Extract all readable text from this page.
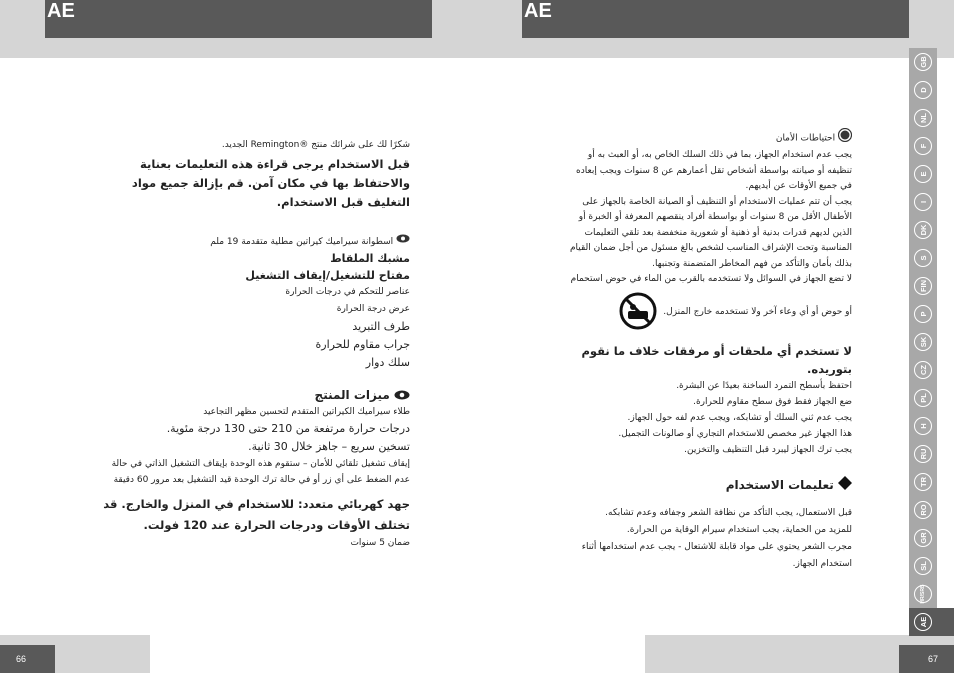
AE

شكرًا لك على شرائك منتج ®Remington الجديد.

قبل الاستخدام يرجى قراءة هذه التعليمات بعناية والاحتفاظ بها في مكان آمن. قم بإزالة جميع مواد التغليف قبل الاستخدام.

اسطوانة سيراميك كيراتين مطلية متقدمة 19 ملم

مشبك الملقاط

مفتاح للتشغيل/إيقاف التشغيل

عناصر للتحكم في درجات الحرارة

عرض درجة الحرارة

طرف التبريد

جراب مقاوم للحرارة

سلك دوار

ميزات المنتج

طلاء سيراميك الكيراتين المتقدم لتحسين مظهر التجاعيد

درجات حرارة مرتفعة من 210 حتى 130 درجة مئوية.

تسخين سريع – جاهز خلال 30 ثانية.

إيقاف تشغيل تلقائي للأمان – ستقوم هذه الوحدة بإيقاف التشغيل الذاتي في حالة عدم الضغط على أي زر أو في حالة ترك الوحدة قيد التشغيل بعد مرور 60 دقيقة

جهد كهربائي متعدد: للاستخدام في المنزل والخارج. قد تختلف الأوقات ودرجات الحرارة عند 120 فولت.

ضمان 5 سنوات

66
AE

احتياطات الأمان

يجب عدم استخدام الجهاز، بما في ذلك السلك الخاص به، أو العبث به أو تنظيفه أو صيانته بواسطة أشخاص تقل أعمارهم عن 8 سنوات ويجب إبعاده في جميع الأوقات عن أيديهم.

يجب أن تتم عمليات الاستخدام أو التنظيف أو الصيانة الخاصة بالجهاز على الأطفال الأقل من 8 سنوات أو بواسطة أفراد ينقصهم المعرفة أو الخبرة أو الذين لديهم قدرات بدنية أو ذهنية أو شعورية منخفضة بعد تلقي التعليمات المناسبة وتحت الإشراف المناسب لشخص بالغ مسئول من أجل ضمان القيام بذلك بأمان والتأكد من فهم المخاطر المتضمنة وتجنبها.

لا تضع الجهاز في السوائل ولا تستخدمه بالقرب من الماء في حوض استحمام

أو حوض أو أي وعاء آخر ولا تستخدمه خارج المنزل.

لا تستخدم أي ملحقات أو مرفقات خلاف ما نقوم بتوريده.

احتفظ بأسطح التمرد الساخنة بعيدًا عن البشرة.

ضع الجهاز فقط فوق سطح مقاوم للحرارة.

يجب عدم ثني السلك أو تشابكه، ويجب عدم لفه حول الجهاز.

هذا الجهاز غير مخصص للاستخدام التجاري أو صالونات التجميل.

يجب ترك الجهاز ليبرد قبل التنظيف والتخزين.

تعليمات الاستخدام

قبل الاستعمال، يجب التأكد من نظافة الشعر وجفافه وعدم تشابكه.

للمزيد من الحماية، يجب استخدام سيرام الوقاية من الحرارة.

مجرب الشعر يحتوي على مواد قابلة للاشتعال - يجب عدم استخدامها أثناء استخدام الجهاز.

67
GB
D
NL
F
E
I
DK
S
FIN
P
SK
CZ
PL
H
RU
TR
RO
GR
SL
HR/SRB
AE
